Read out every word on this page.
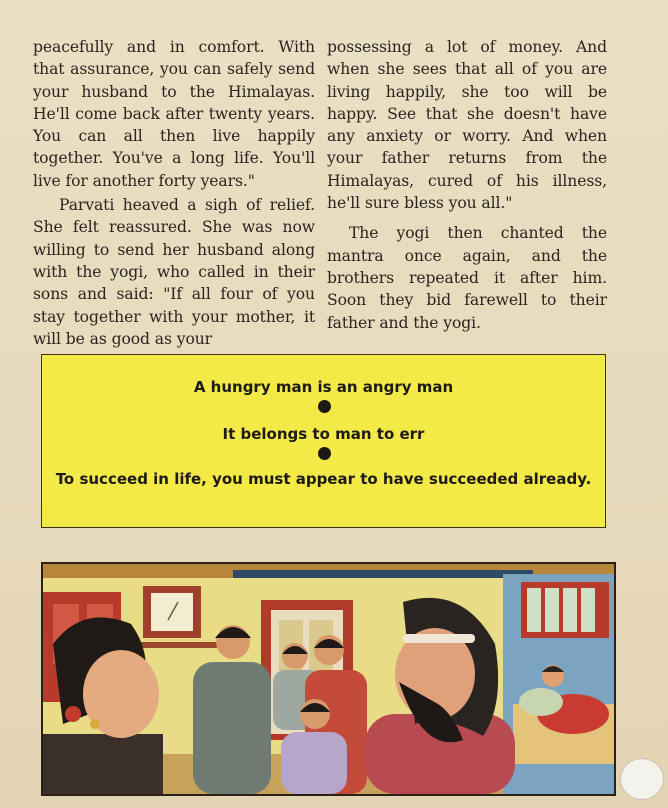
peacefully and in comfort. With that assurance, you can safely send your husband to the Himalayas. He'll come back after twenty years. You can all then live happily together. You've a long life. You'll live for another forty years."

Parvati heaved a sigh of relief. She felt reassured. She was now willing to send her husband along with the yogi, who called in their sons and said: "If all four of you stay together with your mother, it will be as good as your

possessing a lot of money. And when she sees that all of you are living happily, she too will be happy. See that she doesn't have any anxiety or worry. And when your father returns from the Himalayas, cured of his illness, he'll sure bless you all."

The yogi then chanted the mantra once again, and the brothers repeated it after him. Soon they bid farewell to their father and the yogi.

A hungry man is an angry man
It belongs to man to err
To succeed in life, you must appear to have succeeded already.
